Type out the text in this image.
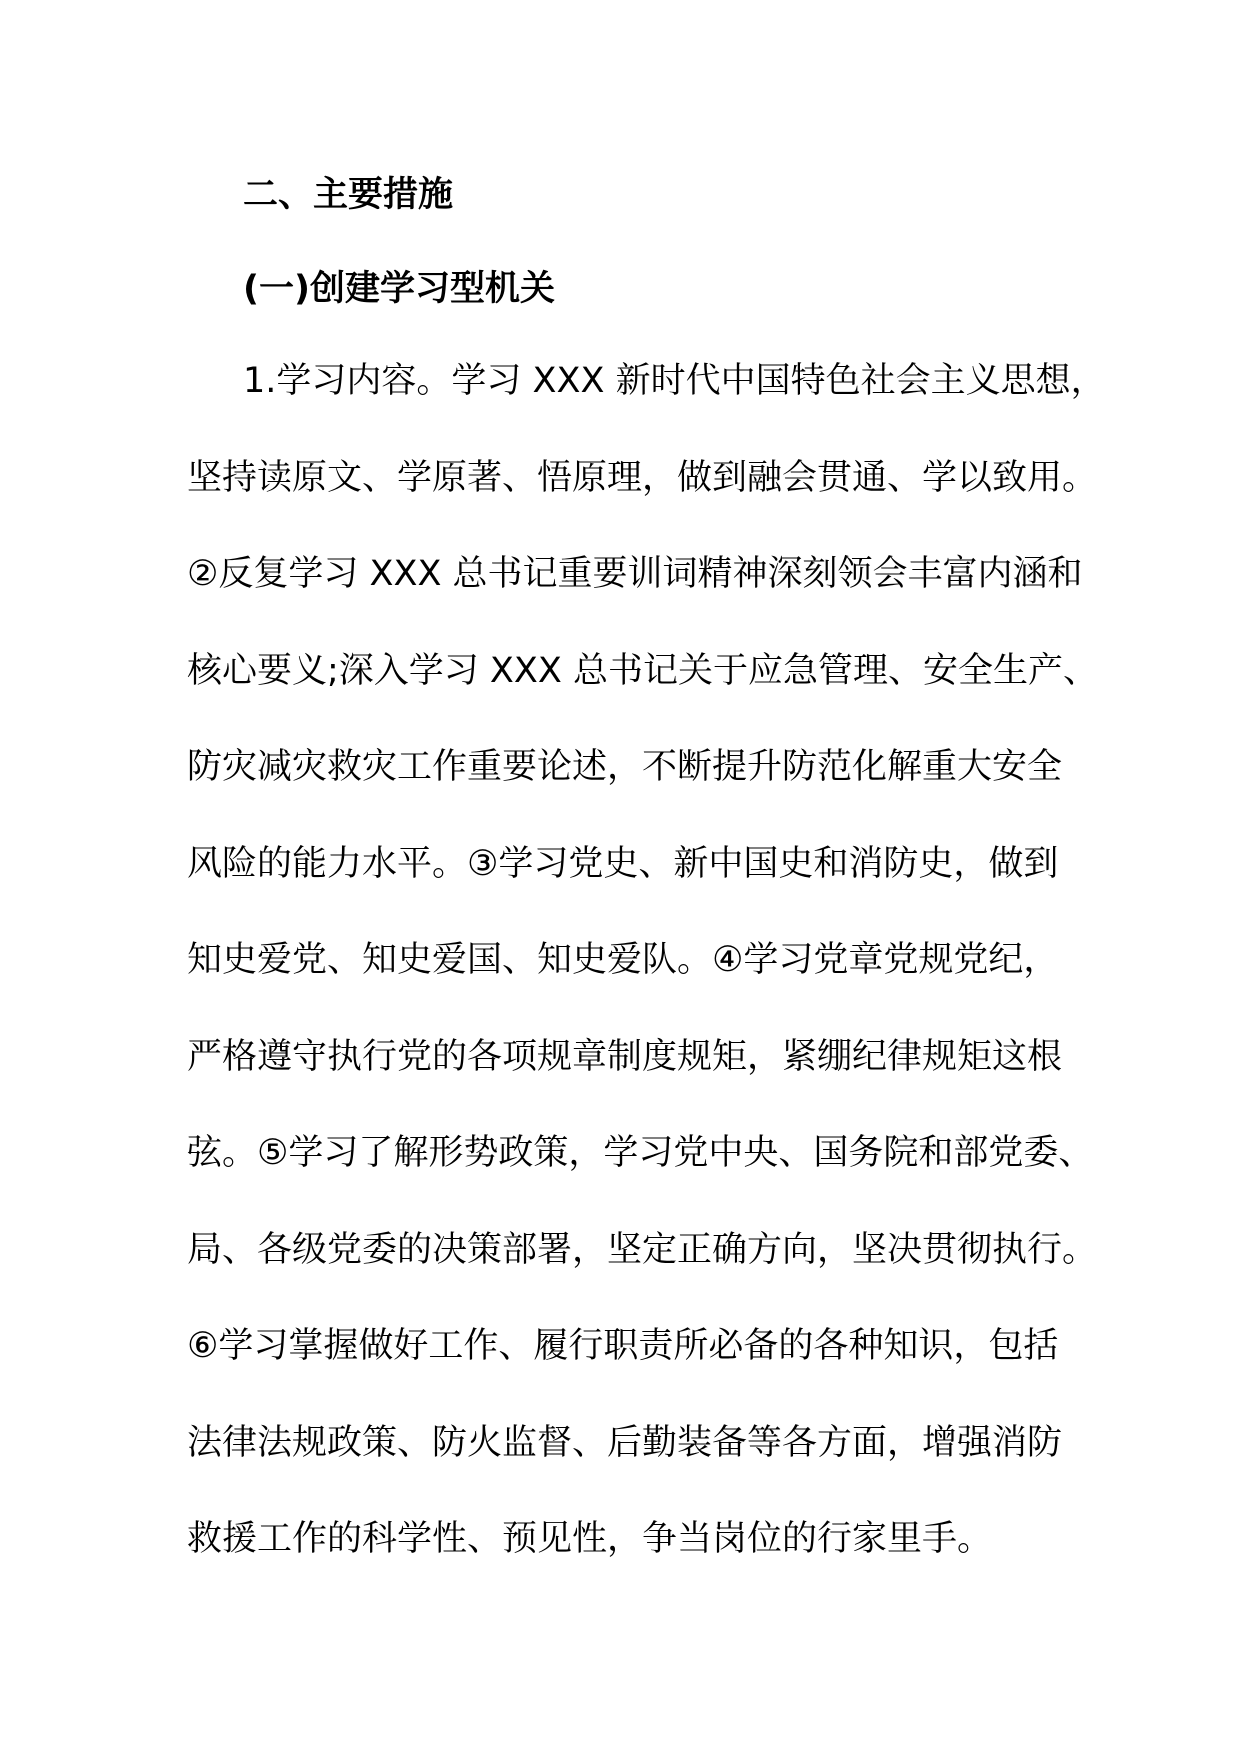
二、主要措施
(一)创建学习型机关
1.学习内容。学习 XXX 新时代中国特色社会主义思想，
坚持读原文、学原著、悟原理，做到融会贯通、学以致用。
②反复学习 XXX 总书记重要训词精神深刻领会丰富内涵和
核心要义;深入学习 XXX 总书记关于应急管理、安全生产、
防灾减灾救灾工作重要论述，不断提升防范化解重大安全
风险的能力水平。③学习党史、新中国史和消防史，做到
知史爱党、知史爱国、知史爱队。④学习党章党规党纪，
严格遵守执行党的各项规章制度规矩，紧绷纪律规矩这根
弦。⑤学习了解形势政策，学习党中央、国务院和部党委、
局、各级党委的决策部署，坚定正确方向，坚决贯彻执行。
⑥学习掌握做好工作、履行职责所必备的各种知识，包括
法律法规政策、防火监督、后勤装备等各方面，增强消防
救援工作的科学性、预见性，争当岗位的行家里手。
